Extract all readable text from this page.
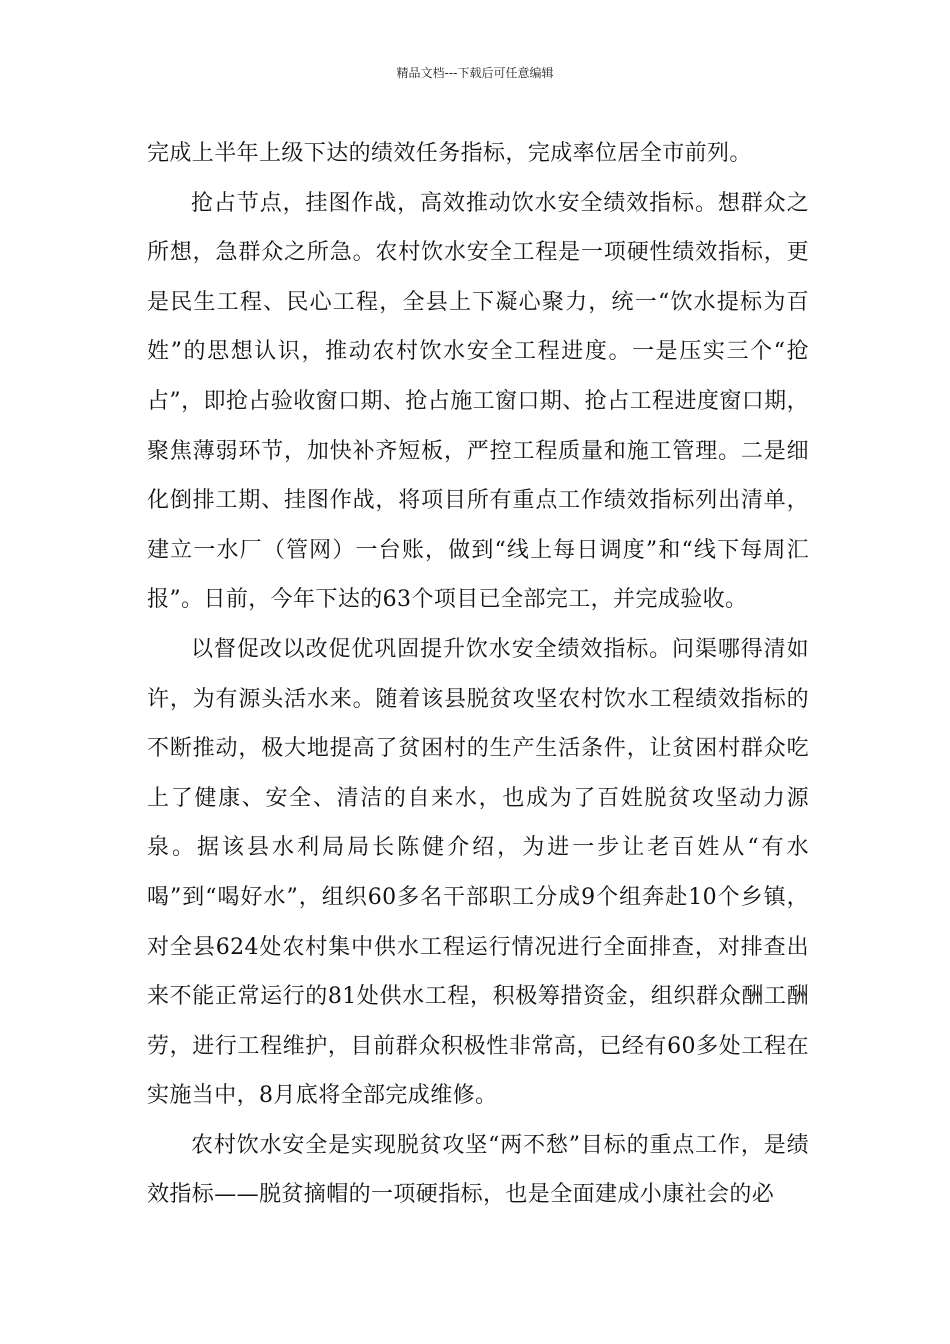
精品文档---下载后可任意编辑

完成上半年上级下达的绩效任务指标，完成率位居全市前列。

抢占节点，挂图作战，高效推动饮水安全绩效指标。想群众之所想，急群众之所急。农村饮水安全工程是一项硬性绩效指标，更是民生工程、民心工程，全县上下凝心聚力，统一“饮水提标为百姓”的思想认识，推动农村饮水安全工程进度。一是压实三个“抢占”，即抢占验收窗口期、抢占施工窗口期、抢占工程进度窗口期，聚焦薄弱环节，加快补齐短板，严控工程质量和施工管理。二是细化倒排工期、挂图作战，将项目所有重点工作绩效指标列出清单，建立一水厂（管网）一台账，做到“线上每日调度”和“线下每周汇报”。日前，今年下达的63个项目已全部完工，并完成验收。

以督促改以改促优巩固提升饮水安全绩效指标。问渠哪得清如许，为有源头活水来。随着该县脱贫攻坚农村饮水工程绩效指标的不断推动，极大地提高了贫困村的生产生活条件，让贫困村群众吃上了健康、安全、清洁的自来水，也成为了百姓脱贫攻坚动力源泉。据该县水利局局长陈健介绍，为进一步让老百姓从“有水喝”到“喝好水”，组织60多名干部职工分成9个组奔赴10个乡镇，对全县624处农村集中供水工程运行情况进行全面排查，对排查出来不能正常运行的81处供水工程，积极筹措资金，组织群众酬工酬劳，进行工程维护，目前群众积极性非常高，已经有60多处工程在实施当中，8月底将全部完成维修。

农村饮水安全是实现脱贫攻坚“两不愁”目标的重点工作，是绩效指标——脱贫摘帽的一项硬指标，也是全面建成小康社会的必
